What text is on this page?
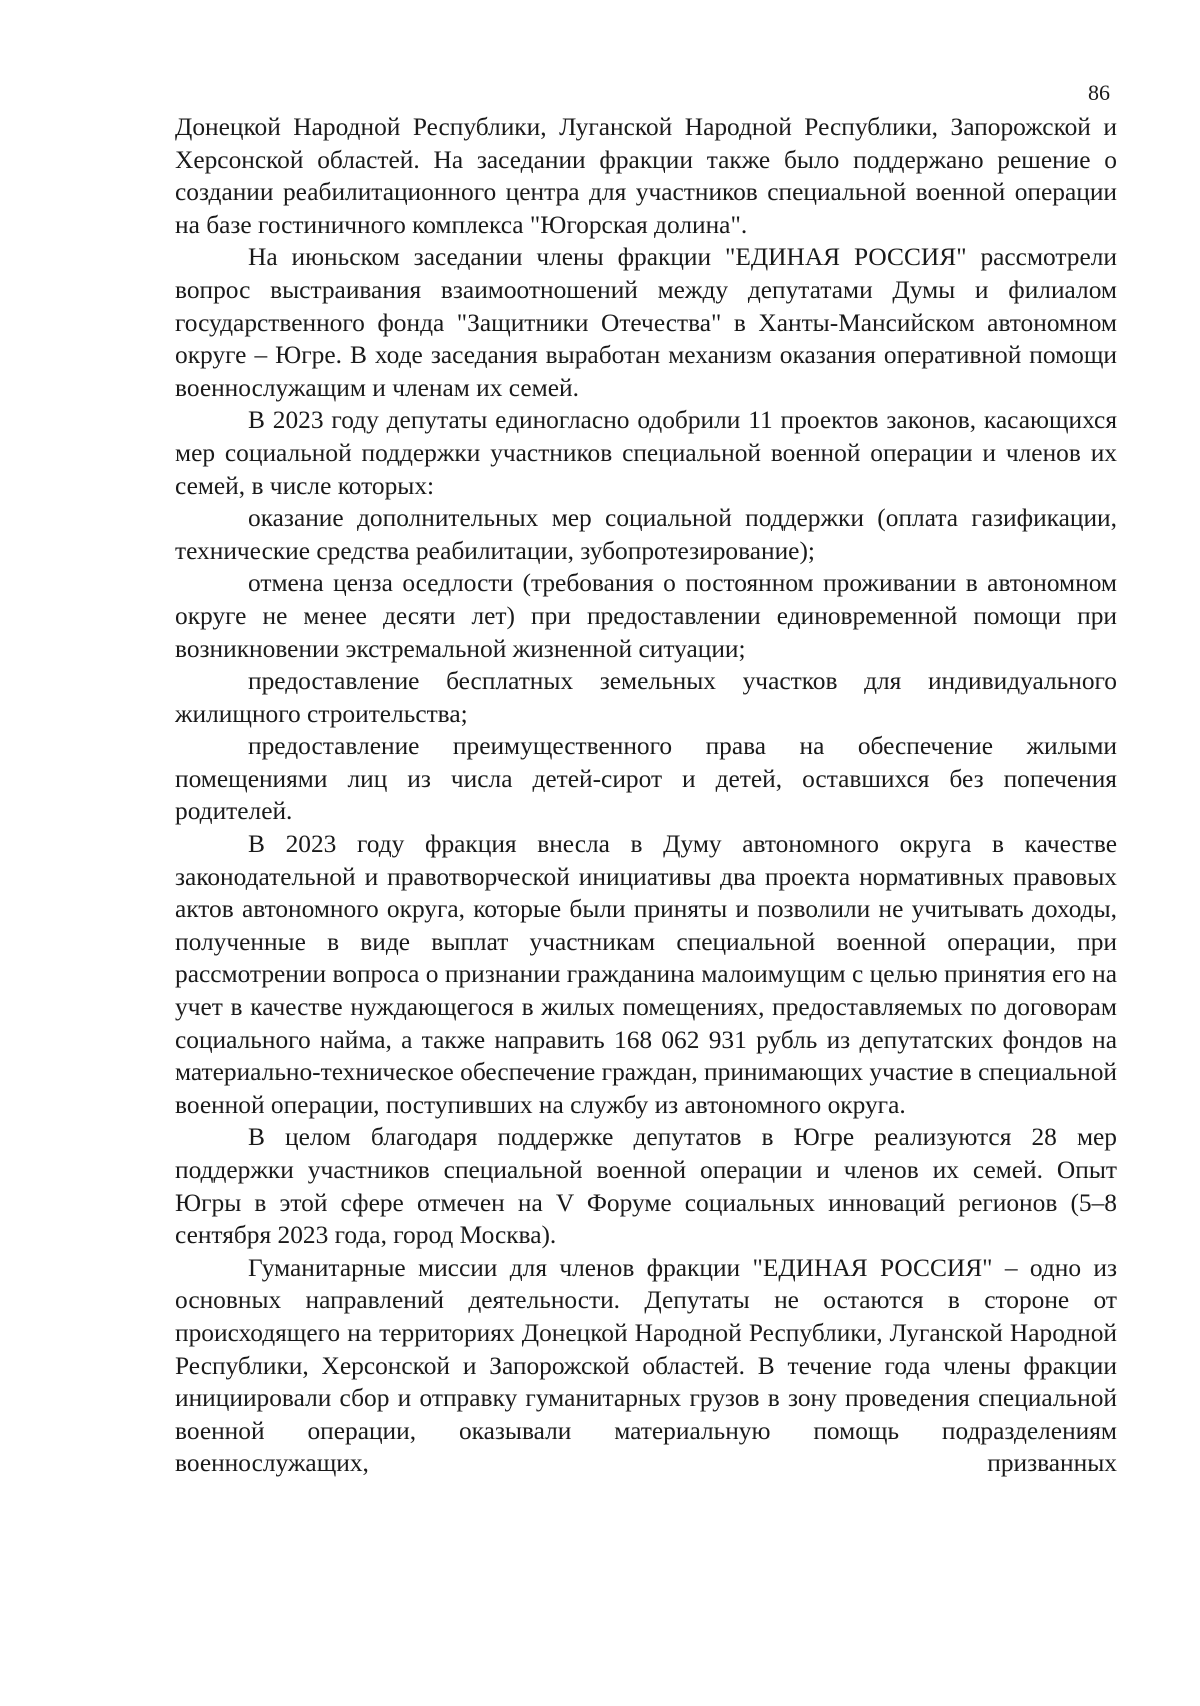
86

Донецкой Народной Республики, Луганской Народной Республики, Запорожской и Херсонской областей. На заседании фракции также было поддержано решение о создании реабилитационного центра для участников специальной военной операции на базе гостиничного комплекса "Югорская долина".

На июньском заседании члены фракции "ЕДИНАЯ РОССИЯ" рассмотрели вопрос выстраивания взаимоотношений между депутатами Думы и филиалом государственного фонда "Защитники Отечества" в Ханты-Мансийском автономном округе – Югре. В ходе заседания выработан механизм оказания оперативной помощи военнослужащим и членам их семей.

В 2023 году депутаты единогласно одобрили 11 проектов законов, касающихся мер социальной поддержки участников специальной военной операции и членов их семей, в числе которых:

оказание дополнительных мер социальной поддержки (оплата газификации, технические средства реабилитации, зубопротезирование);

отмена ценза оседлости (требования о постоянном проживании в автономном округе не менее десяти лет) при предоставлении единовременной помощи при возникновении экстремальной жизненной ситуации;

предоставление бесплатных земельных участков для индивидуального жилищного строительства;

предоставление преимущественного права на обеспечение жилыми помещениями лиц из числа детей-сирот и детей, оставшихся без попечения родителей.

В 2023 году фракция внесла в Думу автономного округа в качестве законодательной и правотворческой инициативы два проекта нормативных правовых актов автономного округа, которые были приняты и позволили не учитывать доходы, полученные в виде выплат участникам специальной военной операции, при рассмотрении вопроса о признании гражданина малоимущим с целью принятия его на учет в качестве нуждающегося в жилых помещениях, предоставляемых по договорам социального найма, а также направить 168 062 931 рубль из депутатских фондов на материально-техническое обеспечение граждан, принимающих участие в специальной военной операции, поступивших на службу из автономного округа.

В целом благодаря поддержке депутатов в Югре реализуются 28 мер поддержки участников специальной военной операции и членов их семей. Опыт Югры в этой сфере отмечен на V Форуме социальных инноваций регионов (5–8 сентября 2023 года, город Москва).

Гуманитарные миссии для членов фракции "ЕДИНАЯ РОССИЯ" – одно из основных направлений деятельности. Депутаты не остаются в стороне от происходящего на территориях Донецкой Народной Республики, Луганской Народной Республики, Херсонской и Запорожской областей. В течение года члены фракции инициировали сбор и отправку гуманитарных грузов в зону проведения специальной военной операции, оказывали материальную помощь подразделениям военнослужащих, призванных
